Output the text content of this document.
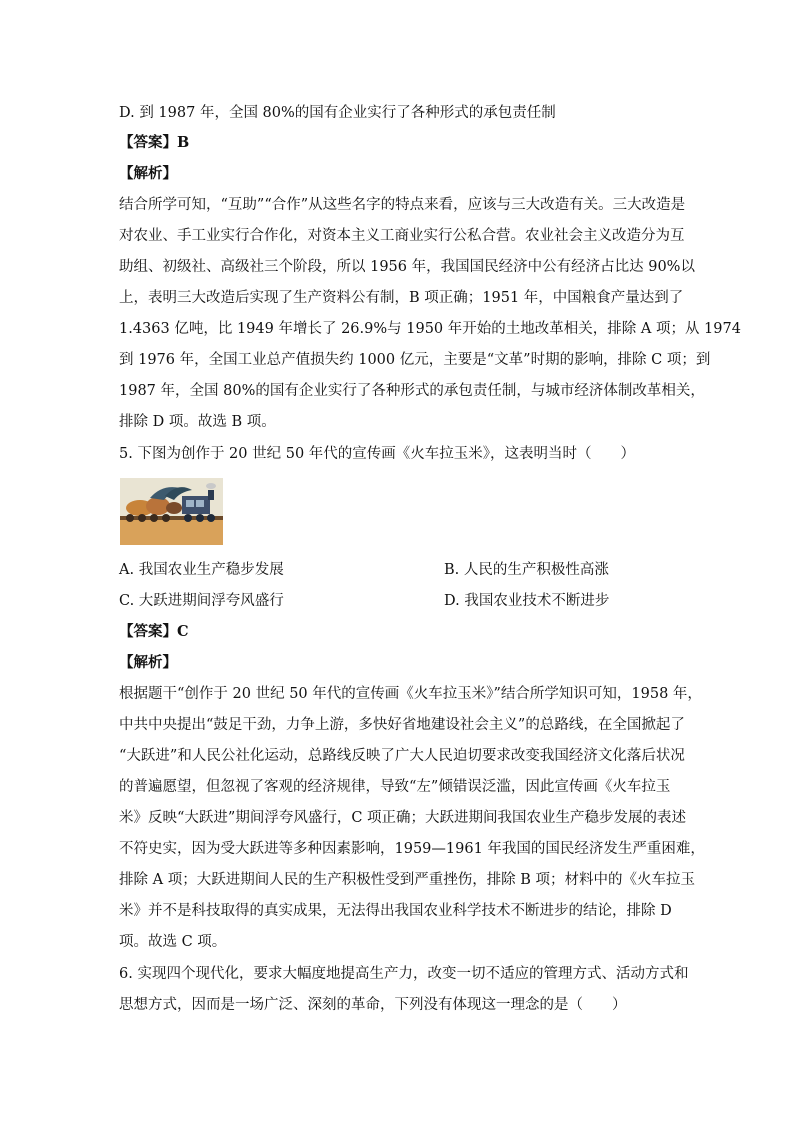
D. 到 1987 年，全国 80%的国有企业实行了各种形式的承包责任制
【答案】B
【解析】
结合所学可知，“互助”“合作”从这些名字的特点来看，应该与三大改造有关。三大改造是
对农业、手工业实行合作化，对资本主义工商业实行公私合营。农业社会主义改造分为互
助组、初级社、高级社三个阶段，所以 1956 年，我国国民经济中公有经济占比达 90%以
上，表明三大改造后实现了生产资料公有制，B 项正确；1951 年，中国粮食产量达到了
1.4363 亿吨，比 1949 年增长了 26.9%与 1950 年开始的土地改革相关，排除 A 项；从 1974
到 1976 年，全国工业总产值损失约 1000 亿元，主要是“文革”时期的影响，排除 C 项；到
1987 年，全国 80%的国有企业实行了各种形式的承包责任制，与城市经济体制改革相关，
排除 D 项。故选 B 项。
5. 下图为创作于 20 世纪 50 年代的宣传画《火车拉玉米》，这表明当时（　　）
A. 我国农业生产稳步发展	B. 人民的生产积极性高涨
C. 大跃进期间浮夸风盛行	D. 我国农业技术不断进步
【答案】C
【解析】
根据题干“创作于 20 世纪 50 年代的宣传画《火车拉玉米》”结合所学知识可知，1958 年，
中共中央提出“鼓足干劲，力争上游，多快好省地建设社会主义”的总路线，在全国掀起了
“大跃进”和人民公社化运动，总路线反映了广大人民迫切要求改变我国经济文化落后状况
的普遍愿望，但忽视了客观的经济规律，导致“左”倾错误泛滥，因此宣传画《火车拉玉
米》反映“大跃进”期间浮夸风盛行，C 项正确；大跃进期间我国农业生产稳步发展的表述
不符史实，因为受大跃进等多种因素影响，1959—1961 年我国的国民经济发生严重困难，
排除 A 项；大跃进期间人民的生产积极性受到严重挫伤，排除 B 项；材料中的《火车拉玉
米》并不是科技取得的真实成果，无法得出我国农业科学技术不断进步的结论，排除 D
项。故选 C 项。
6. 实现四个现代化，要求大幅度地提高生产力，改变一切不适应的管理方式、活动方式和
思想方式，因而是一场广泛、深刻的革命，下列没有体现这一理念的是（　　）
